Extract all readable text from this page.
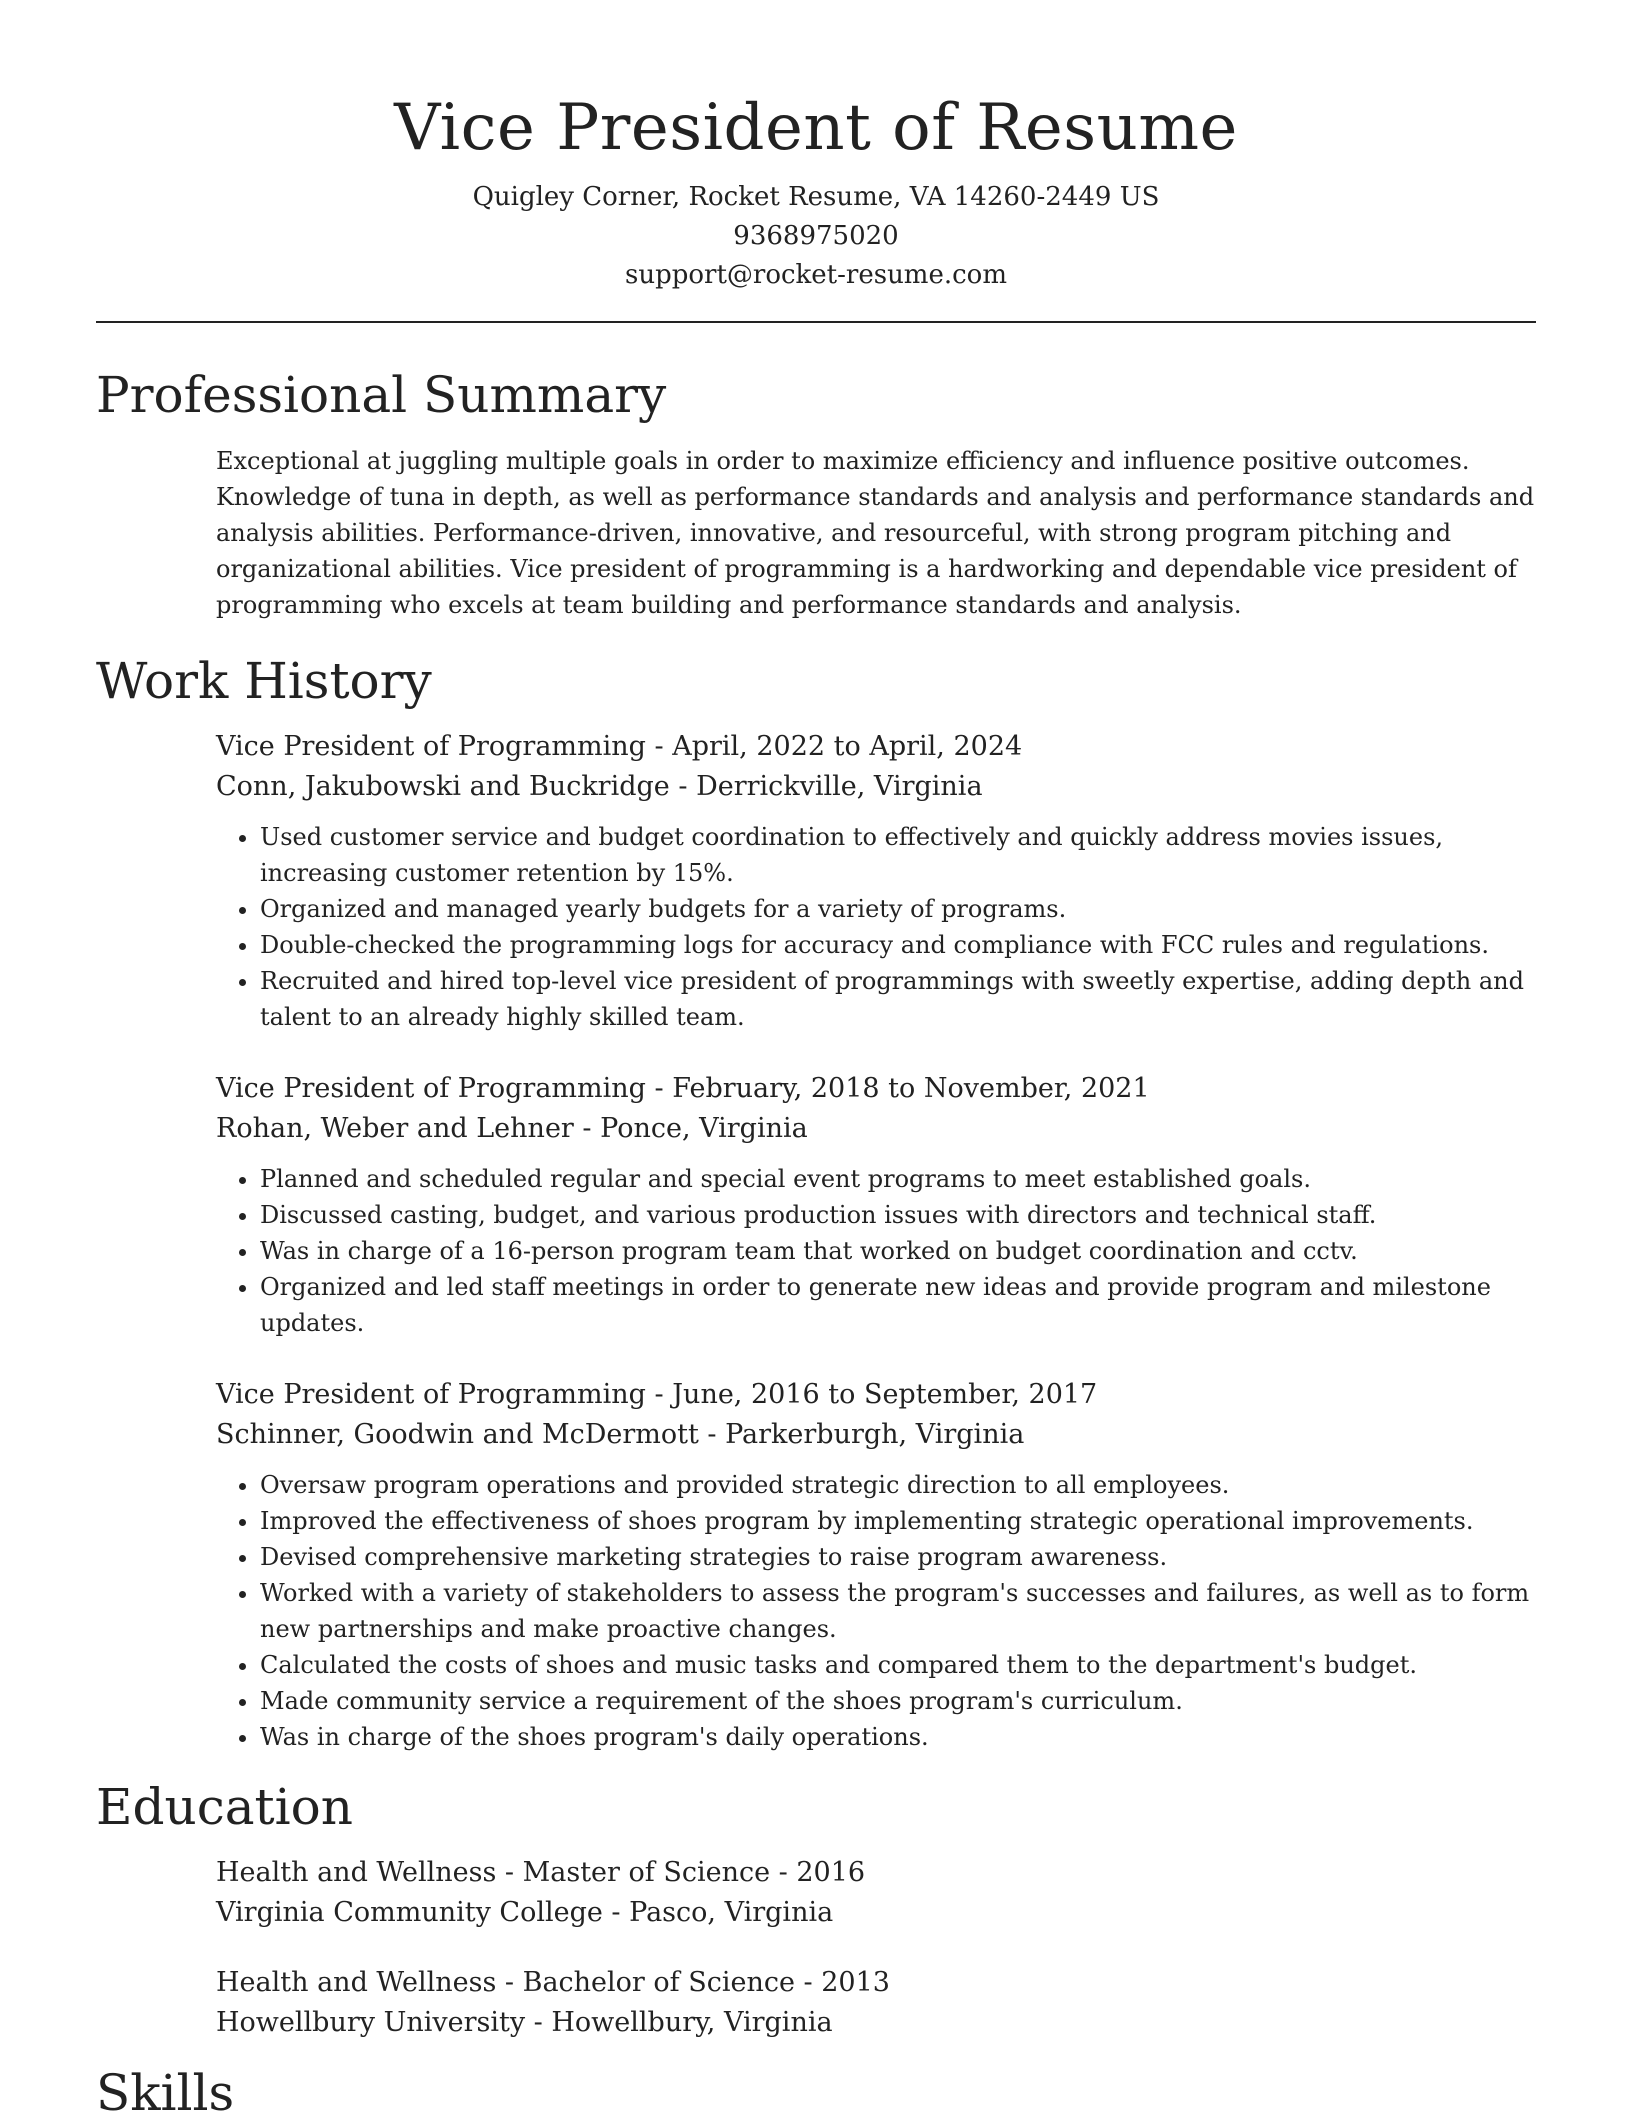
Vice President of Resume
Quigley Corner, Rocket Resume, VA 14260-2449 US
9368975020
support@rocket-resume.com
Professional Summary

Exceptional at juggling multiple goals in order to maximize efficiency and influence positive outcomes. Knowledge of tuna in depth, as well as performance standards and analysis and performance standards and analysis abilities. Performance-driven, innovative, and resourceful, with strong program pitching and organizational abilities. Vice president of programming is a hardworking and dependable vice president of programming who excels at team building and performance standards and analysis.

Work History

Vice President of Programming - April, 2022 to April, 2024

Conn, Jakubowski and Buckridge - Derrickville, Virginia

• Used customer service and budget coordination to effectively and quickly address movies issues, increasing customer retention by 15%.
• Organized and managed yearly budgets for a variety of programs.
• Double-checked the programming logs for accuracy and compliance with FCC rules and regulations.
• Recruited and hired top-level vice president of programmings with sweetly expertise, adding depth and talent to an already highly skilled team.

Vice President of Programming - February, 2018 to November, 2021

Rohan, Weber and Lehner - Ponce, Virginia

• Planned and scheduled regular and special event programs to meet established goals.
• Discussed casting, budget, and various production issues with directors and technical staff.
• Was in charge of a 16-person program team that worked on budget coordination and cctv.
• Organized and led staff meetings in order to generate new ideas and provide program and milestone updates.

Vice President of Programming - June, 2016 to September, 2017

Schinner, Goodwin and McDermott - Parkerburgh, Virginia

• Oversaw program operations and provided strategic direction to all employees.
• Improved the effectiveness of shoes program by implementing strategic operational improvements.
• Devised comprehensive marketing strategies to raise program awareness.
• Worked with a variety of stakeholders to assess the program's successes and failures, as well as to form new partnerships and make proactive changes.
• Calculated the costs of shoes and music tasks and compared them to the department's budget.
• Made community service a requirement of the shoes program's curriculum.
• Was in charge of the shoes program's daily operations.
Education

Health and Wellness - Master of Science - 2016

Virginia Community College - Pasco, Virginia

Health and Wellness - Bachelor of Science - 2013

Howellbury University - Howellbury, Virginia

Skills
